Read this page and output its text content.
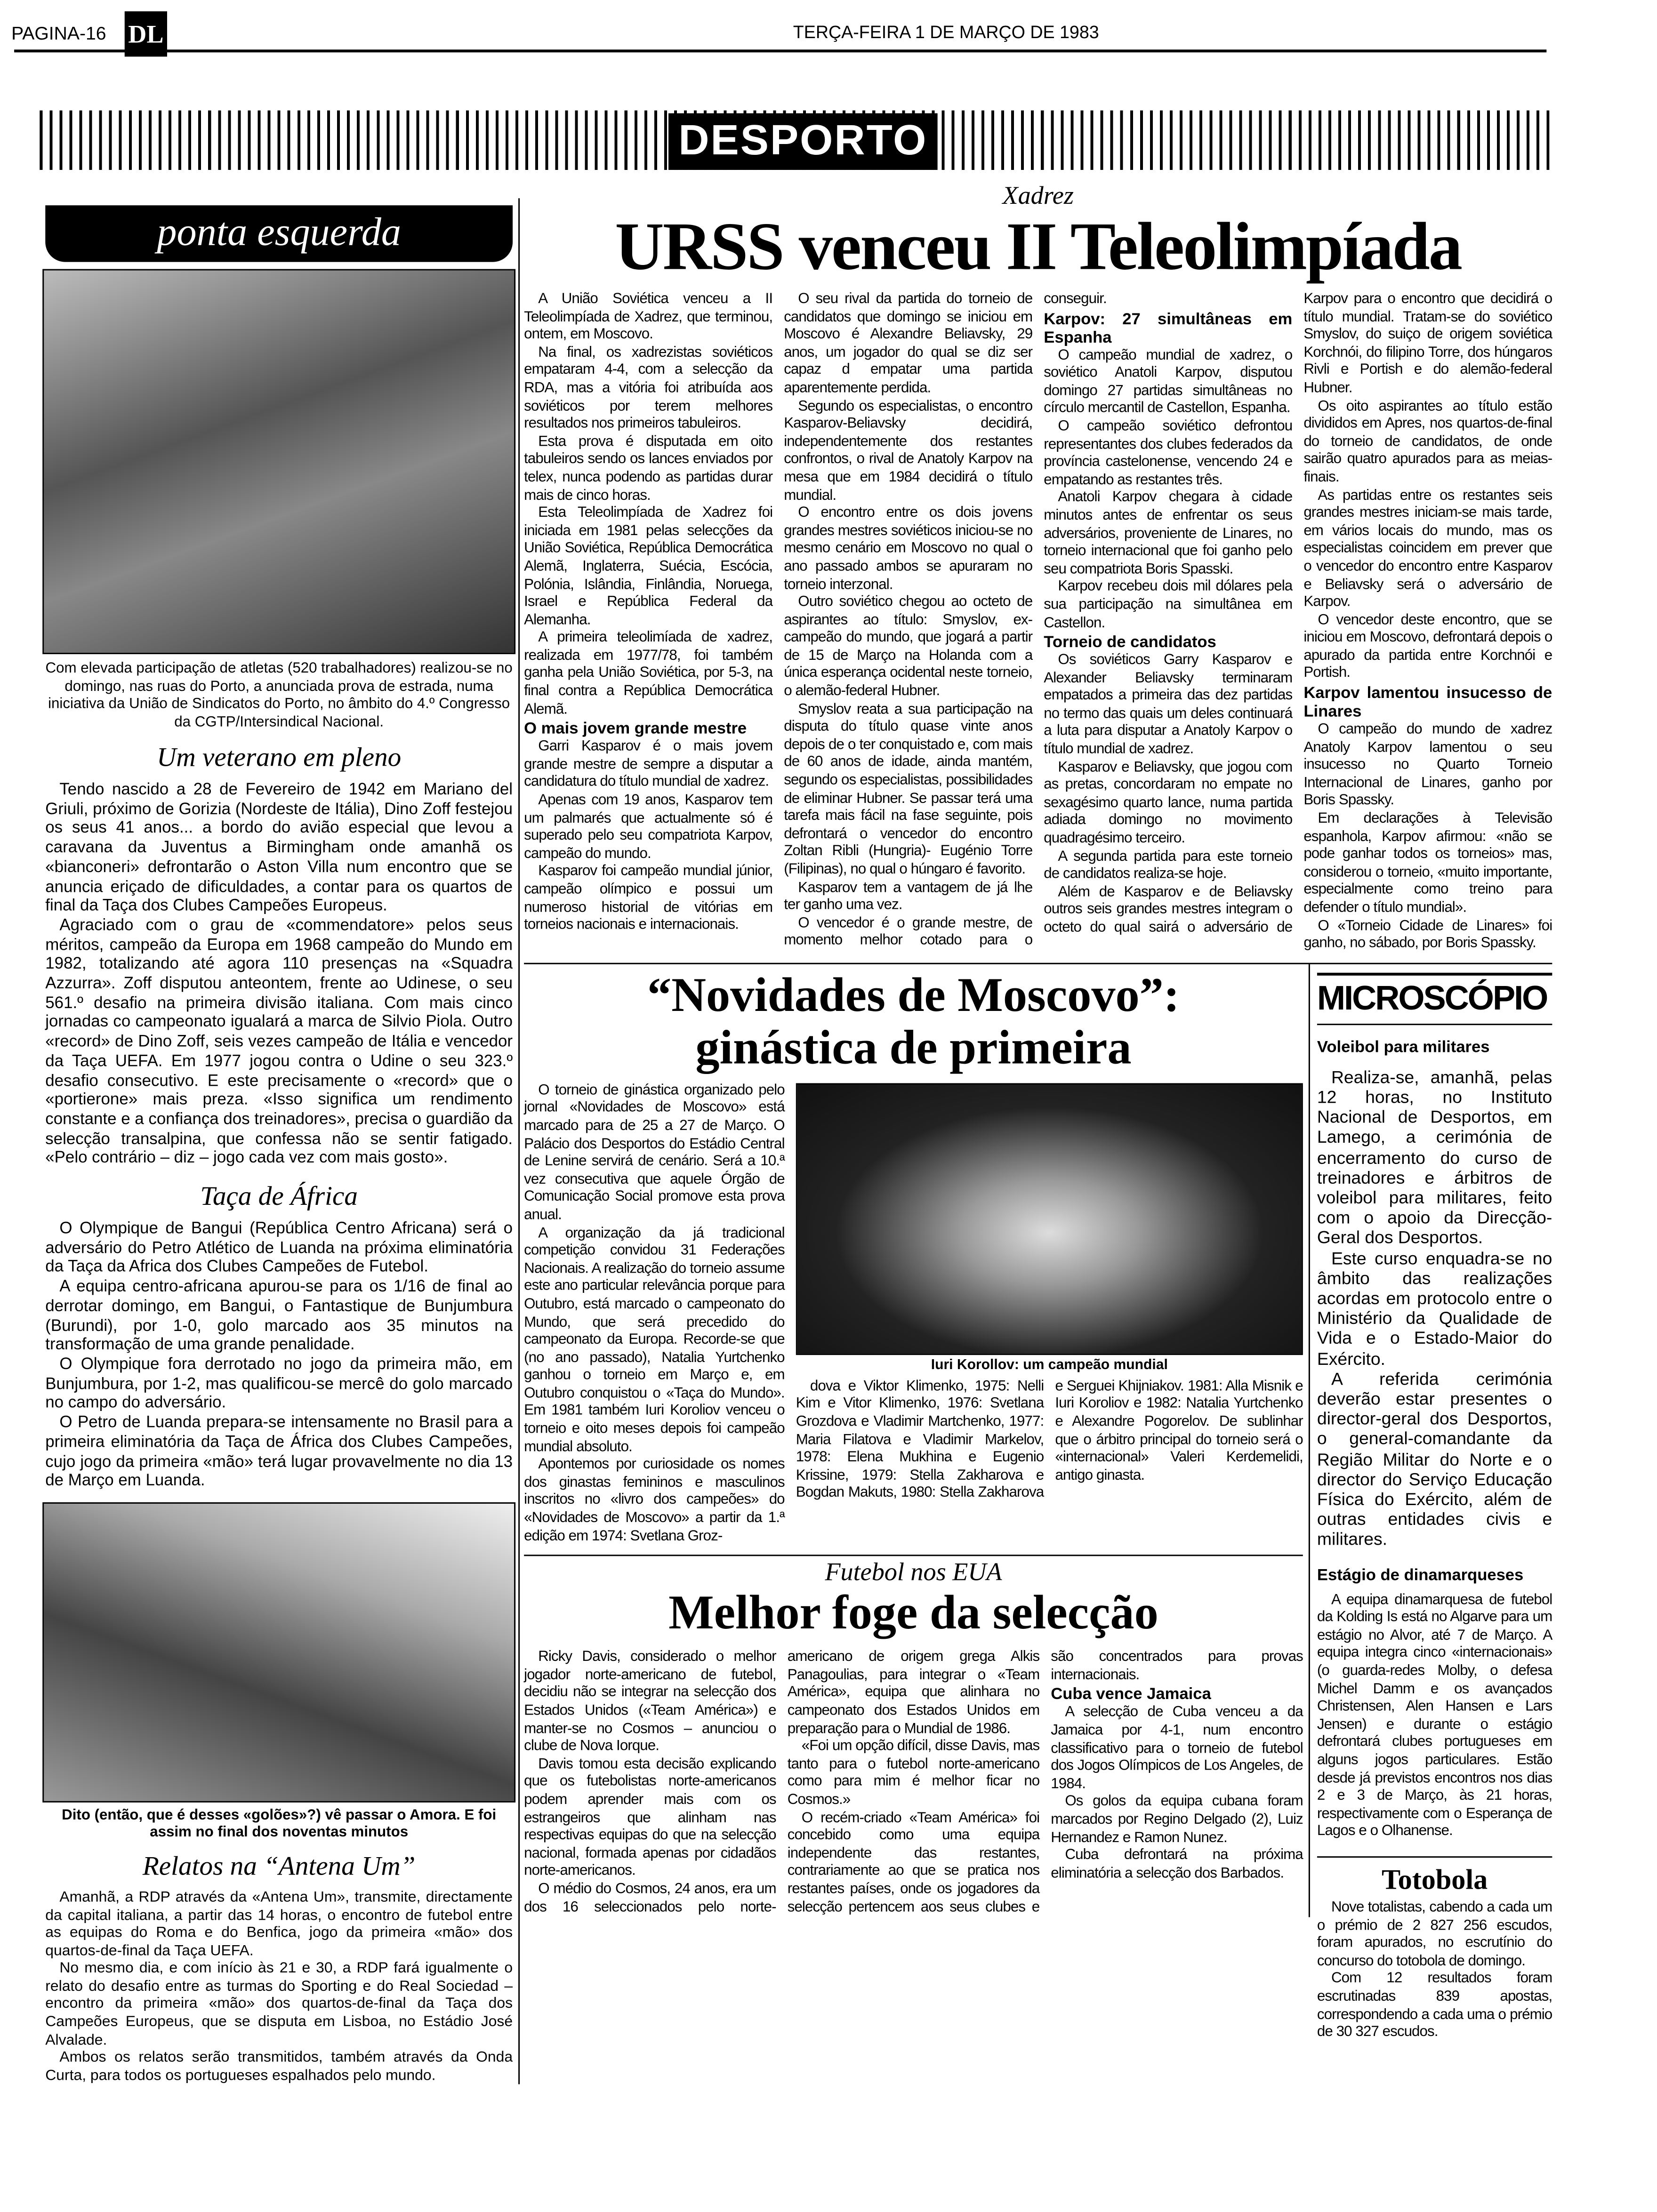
PAGINA-16	DL	TERÇA-FEIRA 1 DE MARÇO DE 1983
DESPORTO
ponta esquerda
Com elevada participação de atletas (520 trabalhadores) realizou-se no domingo, nas ruas do Porto, a anunciada prova de estrada, numa iniciativa da União de Sindicatos do Porto, no âmbito do 4.º Congresso da CGTP/Intersindical Nacional.
Um veterano em pleno

Tendo nascido a 28 de Fevereiro de 1942 em Mariano del Griuli, próximo de Gorizia (Nordeste de Itália), Dino Zoff festejou os seus 41 anos... a bordo do avião especial que levou a caravana da Juventus a Birmingham onde amanhã os «bianconeri» defrontarão o Aston Villa num encontro que se anuncia eriçado de dificuldades, a contar para os quartos de final da Taça dos Clubes Campeões Europeus.

Agraciado com o grau de «commendatore» pelos seus méritos, campeão da Europa em 1968 campeão do Mundo em 1982, totalizando até agora 110 presenças na «Squadra Azzurra». Zoff disputou anteontem, frente ao Udinese, o seu 561.º desafio na primeira divisão italiana. Com mais cinco jornadas co campeonato igualará a marca de Silvio Piola. Outro «record» de Dino Zoff, seis vezes campeão de Itália e vencedor da Taça UEFA. Em 1977 jogou contra o Udine o seu 323.º desafio consecutivo. E este precisamente o «record» que o «portierone» mais preza. «Isso significa um rendimento constante e a confiança dos treinadores», precisa o guardião da selecção transalpina, que confessa não se sentir fatigado. «Pelo contrário – diz – jogo cada vez com mais gosto».

Taça de África

O Olympique de Bangui (República Centro Africana) será o adversário do Petro Atlético de Luanda na próxima eliminatória da Taça da Africa dos Clubes Campeões de Futebol.

A equipa centro-africana apurou-se para os 1/16 de final ao derrotar domingo, em Bangui, o Fantastique de Bunjumbura (Burundi), por 1-0, golo marcado aos 35 minutos na transformação de uma grande penalidade.

O Olympique fora derrotado no jogo da primeira mão, em Bunjumbura, por 1-2, mas qualificou-se mercê do golo marcado no campo do adversário.

O Petro de Luanda prepara-se intensamente no Brasil para a primeira eliminatória da Taça de África dos Clubes Campeões, cujo jogo da primeira «mão» terá lugar provavelmente no dia 13 de Março em Luanda.

Dito (então, que é desses «golões»?) vê passar o Amora. E foi assim no final dos noventas minutos
Relatos na “Antena Um”

Amanhã, a RDP através da «Antena Um», transmite, directamente da capital italiana, a partir das 14 horas, o encontro de futebol entre as equipas do Roma e do Benfica, jogo da primeira «mão» dos quartos-de-final da Taça UEFA.

No mesmo dia, e com início às 21 e 30, a RDP fará igualmente o relato do desafio entre as turmas do Sporting e do Real Sociedad – encontro da primeira «mão» dos quartos-de-final da Taça dos Campeões Europeus, que se disputa em Lisboa, no Estádio José Alvalade.

Ambos os relatos serão transmitidos, também através da Onda Curta, para todos os portugueses espalhados pelo mundo.

Xadrez
URSS venceu II Teleolimpíada

A União Soviética venceu a II Teleolimpíada de Xadrez, que terminou, ontem, em Moscovo.

Na final, os xadrezistas soviéticos empataram 4-4, com a selecção da RDA, mas a vitória foi atribuída aos soviéticos por terem melhores resultados nos primeiros tabuleiros.

Esta prova é disputada em oito tabuleiros sendo os lances enviados por telex, nunca podendo as partidas durar mais de cinco horas.

Esta Teleolimpíada de Xadrez foi iniciada em 1981 pelas selecções da União Soviética, República Democrática Alemã, Inglaterra, Suécia, Escócia, Polónia, Islândia, Finlândia, Noruega, Israel e República Federal da Alemanha.

A primeira teleolimíada de xadrez, realizada em 1977/78, foi também ganha pela União Soviética, por 5-3, na final contra a República Democrática Alemã.

O mais jovem grande mestre

Garri Kasparov é o mais jovem grande mestre de sempre a disputar a candidatura do título mundial de xadrez.

Apenas com 19 anos, Kasparov tem um palmarés que actualmente só é superado pelo seu compatriota Karpov, campeão do mundo.

Kasparov foi campeão mundial júnior, campeão olímpico e possui um numeroso historial de vitórias em torneios nacionais e internacionais.

O seu rival da partida do torneio de candidatos que domingo se iniciou em Moscovo é Alexandre Beliavsky, 29 anos, um jogador do qual se diz ser capaz d empatar uma partida aparentemente perdida.

Segundo os especialistas, o encontro Kasparov-Beliavsky decidirá, independentemente dos restantes confrontos, o rival de Anatoly Karpov na mesa que em 1984 decidirá o título mundial.

O encontro entre os dois jovens grandes mestres soviéticos iniciou-se no mesmo cenário em Moscovo no qual o ano passado ambos se apuraram no torneio interzonal.

Outro soviético chegou ao octeto de aspirantes ao título: Smyslov, ex-campeão do mundo, que jogará a partir de 15 de Março na Holanda com a única esperança ocidental neste torneio, o alemão-federal Hubner.

Smyslov reata a sua participação na disputa do título quase vinte anos depois de o ter conquistado e, com mais de 60 anos de idade, ainda mantém, segundo os especialistas, possibilidades de eliminar Hubner. Se passar terá uma tarefa mais fácil na fase seguinte, pois defrontará o vencedor do encontro Zoltan Ribli (Hungria)- Eugénio Torre (Filipinas), no qual o húngaro é favorito.

Kasparov tem a vantagem de já lhe ter ganho uma vez.

O vencedor é o grande mestre, de momento melhor cotado para o conseguir.

Karpov: 27 simultâneas em Espanha

O campeão mundial de xadrez, o soviético Anatoli Karpov, disputou domingo 27 partidas simultâneas no círculo mercantil de Castellon, Espanha.

O campeão soviético defrontou representantes dos clubes federados da província castelonense, vencendo 24 e empatando as restantes três.

Anatoli Karpov chegara à cidade minutos antes de enfrentar os seus adversários, proveniente de Linares, no torneio internacional que foi ganho pelo seu compatriota Boris Spasski.

Karpov recebeu dois mil dólares pela sua participação na simultânea em Castellon.

Torneio de candidatos

Os soviéticos Garry Kasparov e Alexander Beliavsky terminaram empatados a primeira das dez partidas no termo das quais um deles continuará a luta para disputar a Anatoly Karpov o título mundial de xadrez.

Kasparov e Beliavsky, que jogou com as pretas, concordaram no empate no sexagésimo quarto lance, numa partida adiada domingo no movimento quadragésimo terceiro.

A segunda partida para este torneio de candidatos realiza-se hoje.

Além de Kasparov e de Beliavsky outros seis grandes mestres integram o octeto do qual sairá o adversário de Karpov para o encontro que decidirá o título mundial. Tratam-se do soviético Smyslov, do suiço de origem soviética Korchnói, do filipino Torre, dos húngaros Rivli e Portish e do alemão-federal Hubner.

Os oito aspirantes ao título estão divididos em Apres, nos quartos-de-final do torneio de candidatos, de onde sairão quatro apurados para as meias-finais.

As partidas entre os restantes seis grandes mestres iniciam-se mais tarde, em vários locais do mundo, mas os especialistas coincidem em prever que o vencedor do encontro entre Kasparov e Beliavsky será o adversário de Karpov.

O vencedor deste encontro, que se iniciou em Moscovo, defrontará depois o apurado da partida entre Korchnói e Portish.

Karpov lamentou insucesso de Linares

O campeão do mundo de xadrez Anatoly Karpov lamentou o seu insucesso no Quarto Torneio Internacional de Linares, ganho por Boris Spassky.

Em declarações à Televisão espanhola, Karpov afirmou: «não se pode ganhar todos os torneios» mas, considerou o torneio, «muito importante, especialmente como treino para defender o título mundial».

O «Torneio Cidade de Linares» foi ganho, no sábado, por Boris Spassky.

“Novidades de Moscovo”:
ginástica de primeira

O torneio de ginástica organizado pelo jornal «Novidades de Moscovo» está marcado para de 25 a 27 de Março. O Palácio dos Desportos do Estádio Central de Lenine servirá de cenário. Será a 10.ª vez consecutiva que aquele Órgão de Comunicação Social promove esta prova anual.

A organização da já tradicional competição convidou 31 Federações Nacionais. A realização do torneio assume este ano particular relevância porque para Outubro, está marcado o campeonato do Mundo, que será precedido do campeonato da Europa. Recorde-se que (no ano passado), Natalia Yurtchenko ganhou o torneio em Março e, em Outubro conquistou o «Taça do Mundo». Em 1981 também Iuri Koroliov venceu o torneio e oito meses depois foi campeão mundial absoluto.

Apontemos por curiosidade os nomes dos ginastas femininos e masculinos inscritos no «livro dos campeões» do «Novidades de Moscovo» a partir da 1.ª edição em 1974: Svetlana Groz-

Iuri Korollov: um campeão mundial

dova e Viktor Klimenko, 1975: Nelli Kim e Vitor Klimenko, 1976: Svetlana Grozdova e Vladimir Martchenko, 1977: Maria Filatova e Vladimir Markelov, 1978: Elena Mukhina e Eugenio Krissine, 1979: Stella Zakharova e Bogdan Makuts, 1980: Stella Zakharova e Serguei Khijniakov. 1981: Alla Misnik e Iuri Koroliov e 1982: Natalia Yurtchenko e Alexandre Pogorelov. De sublinhar que o árbitro principal do torneio será o «internacional» Valeri Kerdemelidi, antigo ginasta.

Futebol nos EUA
Melhor foge da selecção

Ricky Davis, considerado o melhor jogador norte-americano de futebol, decidiu não se integrar na selecção dos Estados Unidos («Team América») e manter-se no Cosmos – anunciou o clube de Nova Iorque.

Davis tomou esta decisão explicando que os futebolistas norte-americanos podem aprender mais com os estrangeiros que alinham nas respectivas equipas do que na selecção nacional, formada apenas por cidadãos norte-americanos.

O médio do Cosmos, 24 anos, era um dos 16 seleccionados pelo norte-americano de origem grega Alkis Panagoulias, para integrar o «Team América», equipa que alinhara no campeonato dos Estados Unidos em preparação para o Mundial de 1986.

«Foi um opção difícil, disse Davis, mas tanto para o futebol norte-americano como para mim é melhor ficar no Cosmos.»

O recém-criado «Team América» foi concebido como uma equipa independente das restantes, contrariamente ao que se pratica nos restantes países, onde os jogadores da selecção pertencem aos seus clubes e são concentrados para provas internacionais.

Cuba vence Jamaica

A selecção de Cuba venceu a da Jamaica por 4-1, num encontro classificativo para o torneio de futebol dos Jogos Olímpicos de Los Angeles, de 1984.

Os golos da equipa cubana foram marcados por Regino Delgado (2), Luiz Hernandez e Ramon Nunez.

Cuba defrontará na próxima eliminatória a selecção dos Barbados.

MICROSCÓPIO
Voleibol para militares

Realiza-se, amanhã, pelas 12 horas, no Instituto Nacional de Desportos, em Lamego, a cerimónia de encerramento do curso de treinadores e árbitros de voleibol para militares, feito com o apoio da Direcção-Geral dos Desportos.

Este curso enquadra-se no âmbito das realizações acordas em protocolo entre o Ministério da Qualidade de Vida e o Estado-Maior do Exército.

A referida cerimónia deverão estar presentes o director-geral dos Desportos, o general-comandante da Região Militar do Norte e o director do Serviço Educação Física do Exército, além de outras entidades civis e militares.

Estágio de dinamarqueses

A equipa dinamarquesa de futebol da Kolding Is está no Algarve para um estágio no Alvor, até 7 de Março. A equipa integra cinco «internacionais» (o guarda-redes Molby, o defesa Michel Damm e os avançados Christensen, Alen Hansen e Lars Jensen) e durante o estágio defrontará clubes portugueses em alguns jogos particulares. Estão desde já previstos encontros nos dias 2 e 3 de Março, às 21 horas, respectivamente com o Esperança de Lagos e o Olhanense.

Totobola

Nove totalistas, cabendo a cada um o prémio de 2 827 256 escudos, foram apurados, no escrutínio do concurso do totobola de domingo.

Com 12 resultados foram escrutinadas 839 apostas, correspondendo a cada uma o prémio de 30 327 escudos.
